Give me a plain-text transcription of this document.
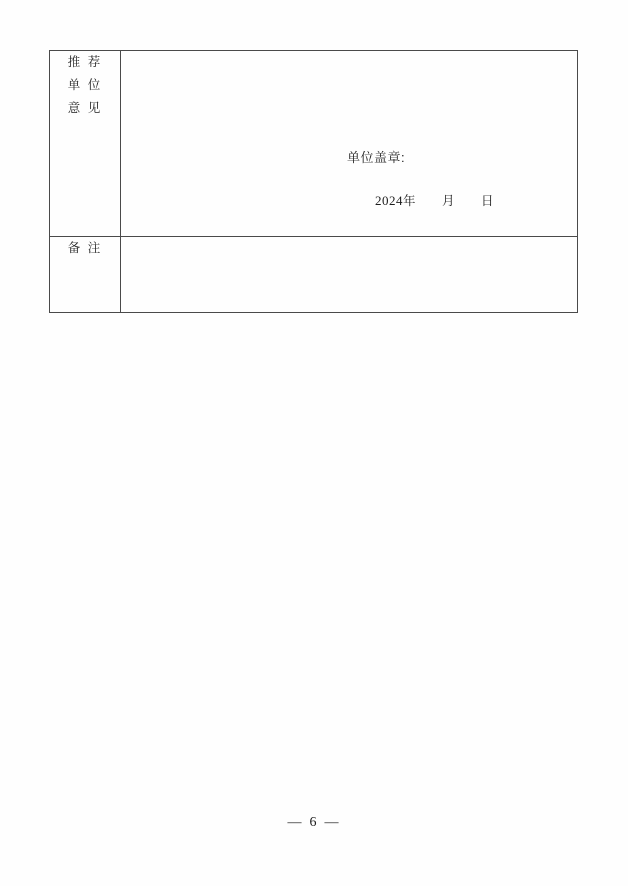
推 荐
单 位
意 见	单位盖章:
2024年 月 日

备 注	

— 6 —
